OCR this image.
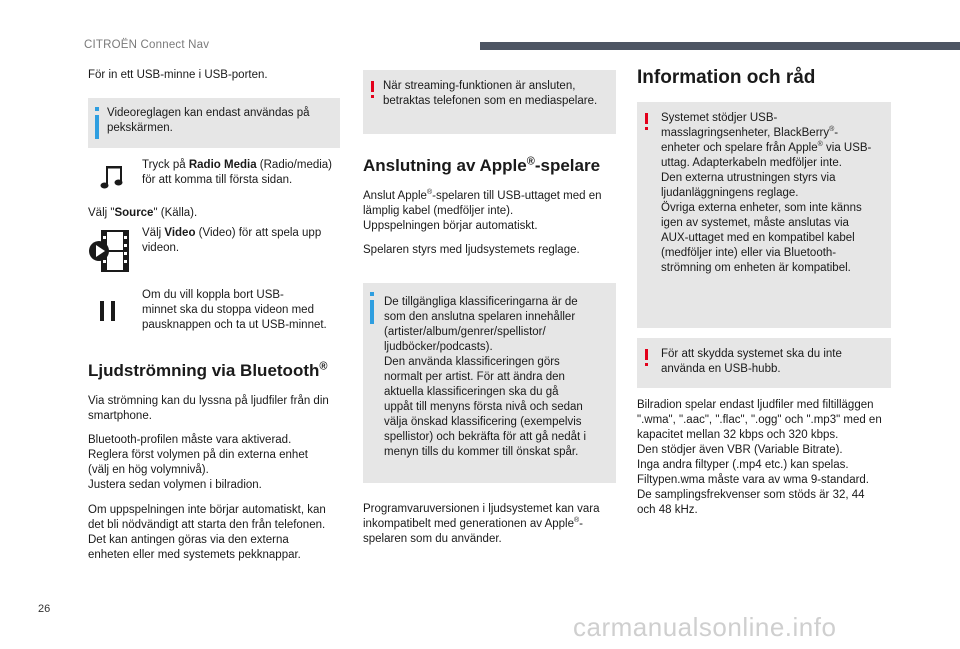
CITROËN Connect Nav

För in ett USB-minne i USB-porten.

Videoreglagen kan endast användas på
pekskärmen.
Tryck på Radio Media (Radio/media)
för att komma till första sidan.
Välj "Source" (Källa).
Välj Video (Video) för att spela upp
videon.
Om du vill koppla bort USB-
minnet ska du stoppa videon med
pausknappen och ta ut USB-minnet.
Ljudströmning via Bluetooth®
Via strömning kan du lyssna på ljudfiler från din
smartphone.
Bluetooth-profilen måste vara aktiverad.
Reglera först volymen på din externa enhet
(välj en hög volymnivå).
Justera sedan volymen i bilradion.
Om uppspelningen inte börjar automatiskt, kan
det bli nödvändigt att starta den från telefonen.
Det kan antingen göras via den externa
enheten eller med systemets pekknappar.
När streaming-funktionen är ansluten,
betraktas telefonen som en mediaspelare.
Anslutning av Apple®-spelare
Anslut Apple®-spelaren till USB-uttaget med en
lämplig kabel (medföljer inte).
Uppspelningen börjar automatiskt.

Spelaren styrs med ljudsystemets reglage.

De tillgängliga klassificeringarna är de
som den anslutna spelaren innehåller
(artister/album/genrer/spellistor/
ljudböcker/podcasts).
Den använda klassificeringen görs
normalt per artist. För att ändra den
aktuella klassificeringen ska du gå
uppåt till menyns första nivå och sedan
välja önskad klassificering (exempelvis
spellistor) och bekräfta för att gå nedåt i
menyn tills du kommer till önskat spår.
Programvaruversionen i ljudsystemet kan vara
inkompatibelt med generationen av Apple®-
spelaren som du använder.
Information och råd
Systemet stödjer USB-
masslagringsenheter, BlackBerry®-
enheter och spelare från Apple® via USB-
uttag. Adapterkabeln medföljer inte.
Den externa utrustningen styrs via
ljudanläggningens reglage.
Övriga externa enheter, som inte känns
igen av systemet, måste anslutas via
AUX-uttaget med en kompatibel kabel
(medföljer inte) eller via Bluetooth-
strömning om enheten är kompatibel.
För att skydda systemet ska du inte
använda en USB-hubb.
Bilradion spelar endast ljudfiler med filtilläggen
".wma", ".aac", ".flac", ".ogg" och ".mp3" med en
kapacitet mellan 32 kbps och 320 kbps.
Den stödjer även VBR (Variable Bitrate).
Inga andra filtyper (.mp4 etc.) kan spelas.
Filtypen.wma måste vara av wma 9-standard.
De samplingsfrekvenser som stöds är 32, 44
och 48 kHz.
26
carmanualsonline.info
